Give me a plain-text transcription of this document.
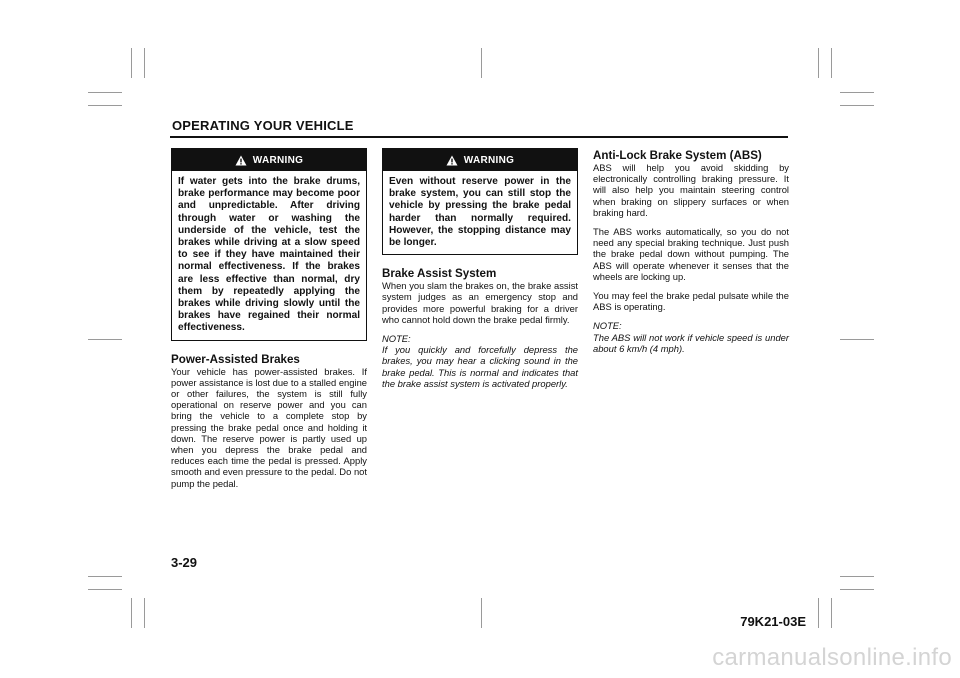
OPERATING YOUR VEHICLE
WARNING
If water gets into the brake drums, brake performance may become poor and unpredictable. After driving through water or washing the underside of the vehicle, test the brakes while driving at a slow speed to see if they have maintained their normal effectiveness. If the brakes are less effective than normal, dry them by repeatedly applying the brakes while driving slowly until the brakes have regained their normal effectiveness.
Power-Assisted Brakes

Your vehicle has power-assisted brakes. If power assistance is lost due to a stalled engine or other failures, the system is still fully operational on reserve power and you can bring the vehicle to a complete stop by pressing the brake pedal once and holding it down. The reserve power is partly used up when you depress the brake pedal and reduces each time the pedal is pressed. Apply smooth and even pressure to the pedal. Do not pump the pedal.

WARNING
Even without reserve power in the brake system, you can still stop the vehicle by pressing the brake pedal harder than normally required. However, the stopping distance may be longer.
Brake Assist System

When you slam the brakes on, the brake assist system judges as an emergency stop and provides more powerful braking for a driver who cannot hold down the brake pedal firmly.

NOTE:

If you quickly and forcefully depress the brakes, you may hear a clicking sound in the brake pedal. This is normal and indicates that the brake assist system is activated properly.

Anti-Lock Brake System (ABS)

ABS will help you avoid skidding by electronically controlling braking pressure. It will also help you maintain steering control when braking on slippery surfaces or when braking hard.

The ABS works automatically, so you do not need any special braking technique. Just push the brake pedal down without pumping. The ABS will operate whenever it senses that the wheels are locking up.

You may feel the brake pedal pulsate while the ABS is operating.

NOTE:

The ABS will not work if vehicle speed is under about 6 km/h (4 mph).

3-29
79K21-03E
carmanualsonline.info
